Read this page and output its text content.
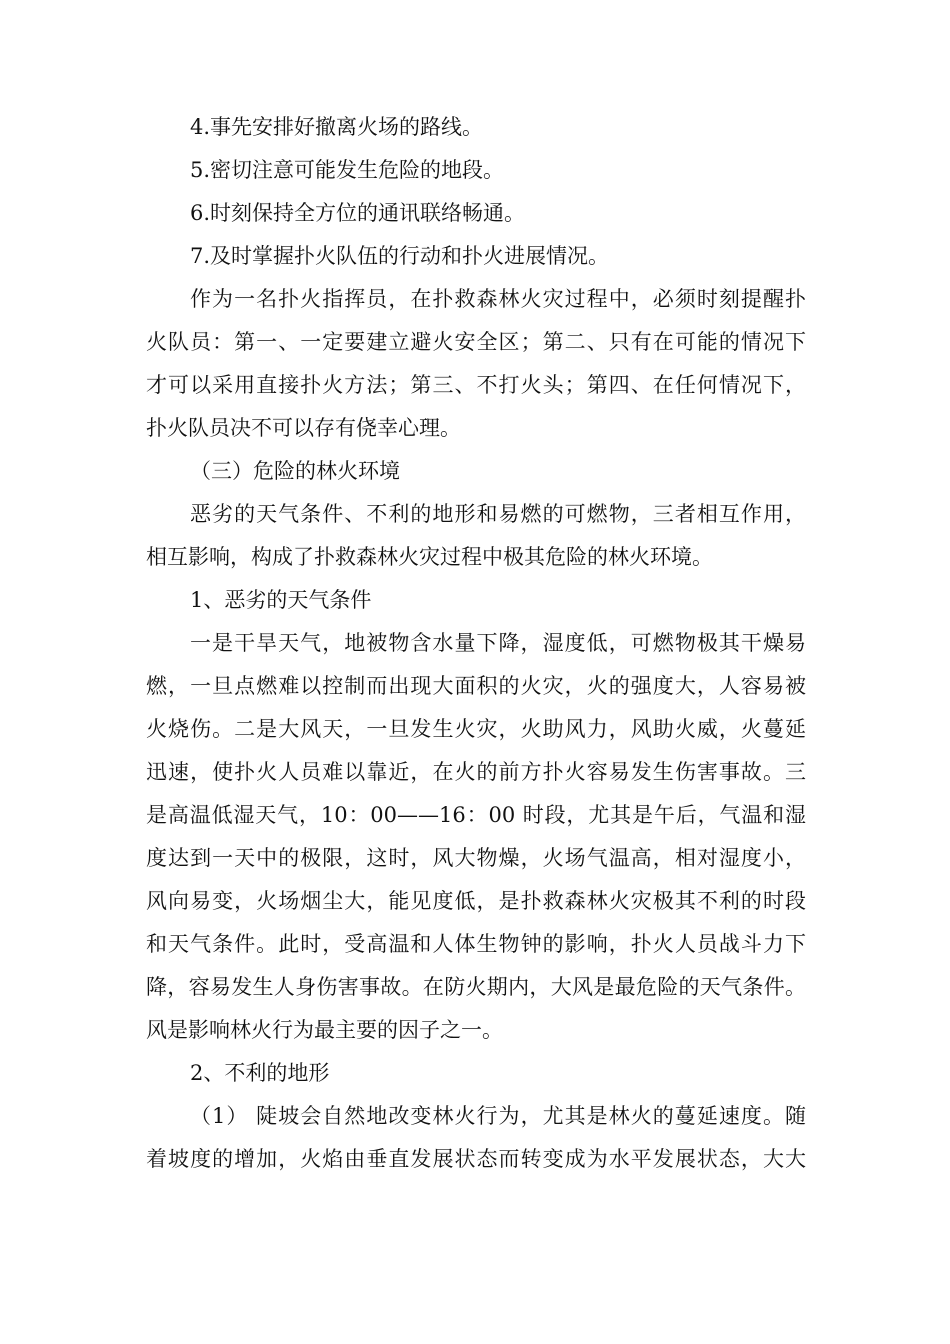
4.事先安排好撤离火场的路线。
5.密切注意可能发生危险的地段。
6.时刻保持全方位的通讯联络畅通。
7.及时掌握扑火队伍的行动和扑火进展情况。
作为一名扑火指挥员，在扑救森林火灾过程中，必须时刻提醒扑
火队员：第一、一定要建立避火安全区；第二、只有在可能的情况下
才可以采用直接扑火方法；第三、不打火头；第四、在任何情况下，
扑火队员决不可以存有侥幸心理。
（三）危险的林火环境
恶劣的天气条件、不利的地形和易燃的可燃物，三者相互作用，
相互影响，构成了扑救森林火灾过程中极其危险的林火环境。
1、恶劣的天气条件
一是干旱天气，地被物含水量下降，湿度低，可燃物极其干燥易
燃，一旦点燃难以控制而出现大面积的火灾，火的强度大，人容易被
火烧伤。二是大风天，一旦发生火灾，火助风力，风助火威，火蔓延
迅速，使扑火人员难以靠近，在火的前方扑火容易发生伤害事故。三
是高温低湿天气，10：00——16：00 时段，尤其是午后，气温和湿
度达到一天中的极限，这时，风大物燥，火场气温高，相对湿度小，
风向易变，火场烟尘大，能见度低，是扑救森林火灾极其不利的时段
和天气条件。此时，受高温和人体生物钟的影响，扑火人员战斗力下
降，容易发生人身伤害事故。在防火期内，大风是最危险的天气条件。
风是影响林火行为最主要的因子之一。
2、不利的地形
（1） 陡坡会自然地改变林火行为，尤其是林火的蔓延速度。随
着坡度的增加，火焰由垂直发展状态而转变成为水平发展状态，大大
